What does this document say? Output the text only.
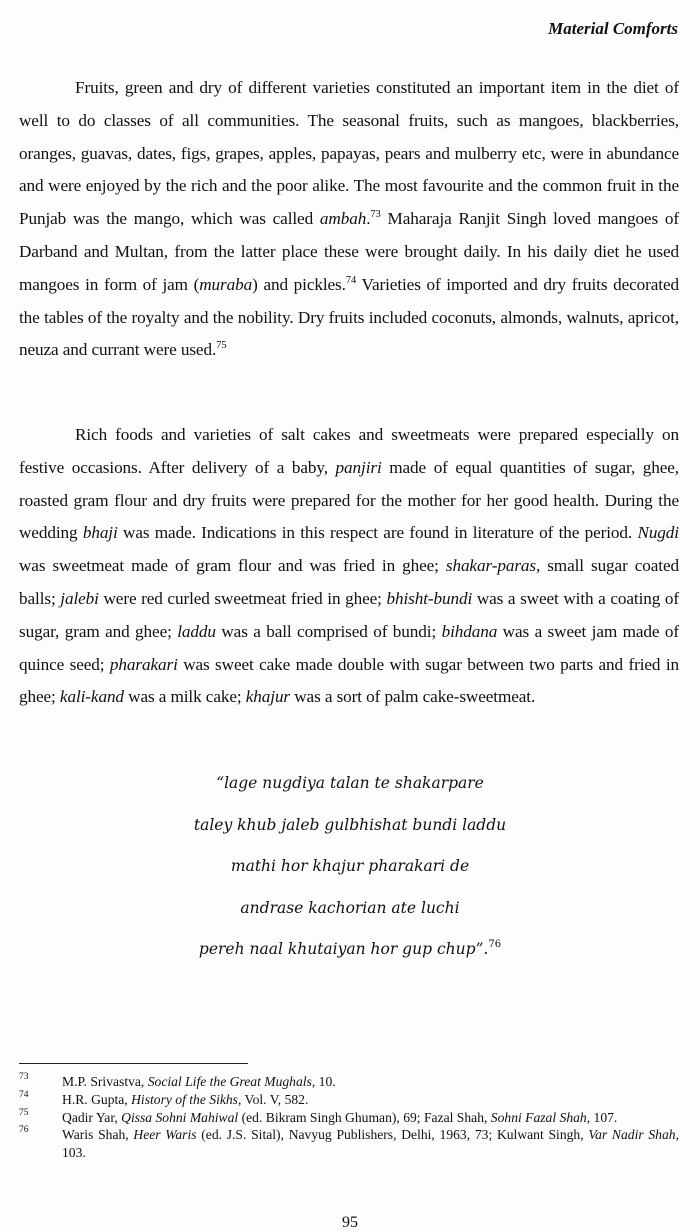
Material Comforts

Fruits, green and dry of different varieties constituted an important item in the diet of well to do classes of all communities. The seasonal fruits, such as mangoes, blackberries, oranges, guavas, dates, figs, grapes, apples, papayas, pears and mulberry etc, were in abundance and were enjoyed by the rich and the poor alike. The most favourite and the common fruit in the Punjab was the mango, which was called ambah.$^{73}$ Maharaja Ranjit Singh loved mangoes of Darband and Multan, from the latter place these were brought daily. In his daily diet he used mangoes in form of jam (muraba) and pickles.$^{74}$ Varieties of imported and dry fruits decorated the tables of the royalty and the nobility. Dry fruits included coconuts, almonds, walnuts, apricot, neuza and currant were used.$^{75}$

Rich foods and varieties of salt cakes and sweetmeats were prepared especially on festive occasions. After delivery of a baby, panjiri made of equal quantities of sugar, ghee, roasted gram flour and dry fruits were prepared for the mother for her good health. During the wedding bhaji was made. Indications in this respect are found in literature of the period. Nugdi was sweetmeat made of gram flour and was fried in ghee; shakar-paras, small sugar coated balls; jalebi were red curled sweetmeat fried in ghee; bhisht-bundi was a sweet with a coating of sugar, gram and ghee; laddu was a ball comprised of bundi; bihdana was a sweet jam made of quince seed; pharakari was sweet cake made double with sugar between two parts and fried in ghee; kali-kand was a milk cake; khajur was a sort of palm cake-sweetmeat.

“lage nugdiya talan te shakarpare
taley khub jaleb gulbhishat bundi laddu
mathi hor khajur pharakari de
andrase kachorian ate luchi
pereh naal khutaiyan hor gup chup”.$^{76}$
73	M.P. Srivastva, Social Life the Great Mughals, 10.
74	H.R. Gupta, History of the Sikhs, Vol. V, 582.
75	Qadir Yar, Qissa Sohni Mahiwal (ed. Bikram Singh Ghuman), 69; Fazal Shah, Sohni Fazal Shah, 107.
76	Waris Shah, Heer Waris (ed. J.S. Sital), Navyug Publishers, Delhi, 1963, 73; Kulwant Singh, Var Nadir Shah, 103.
95
